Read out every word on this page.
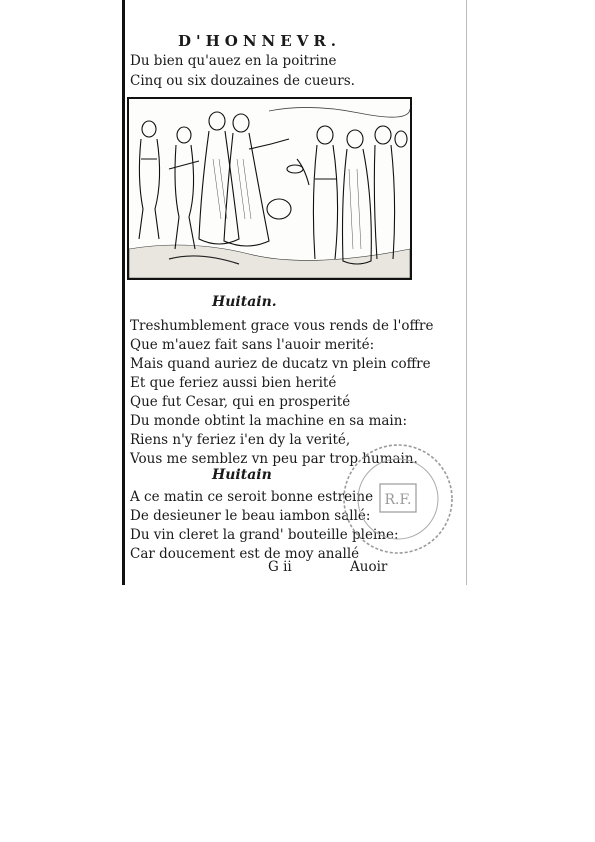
D'HONNEVR.
Du bien qu'auez en la poitrine
Cinq ou six douzaines de cueurs.
Huitain.
Treshumblement grace vous rends de l'offre
Que m'auez fait sans l'auoir merité:
Mais quand auriez de ducatz vn plein coffre
Et que feriez aussi bien herité
Que fut Cesar, qui en prosperité
Du monde obtint la machine en sa main:
Riens n'y feriez i'en dy la verité,
Vous me semblez vn peu par trop humain.
Huitain
A ce matin ce seroit bonne estreine
De desieuner le beau iambon sallé:
Du vin cleret la grand' bouteille pleine:
Car doucement est de moy anallé
G ii	Auoir
R.F.
